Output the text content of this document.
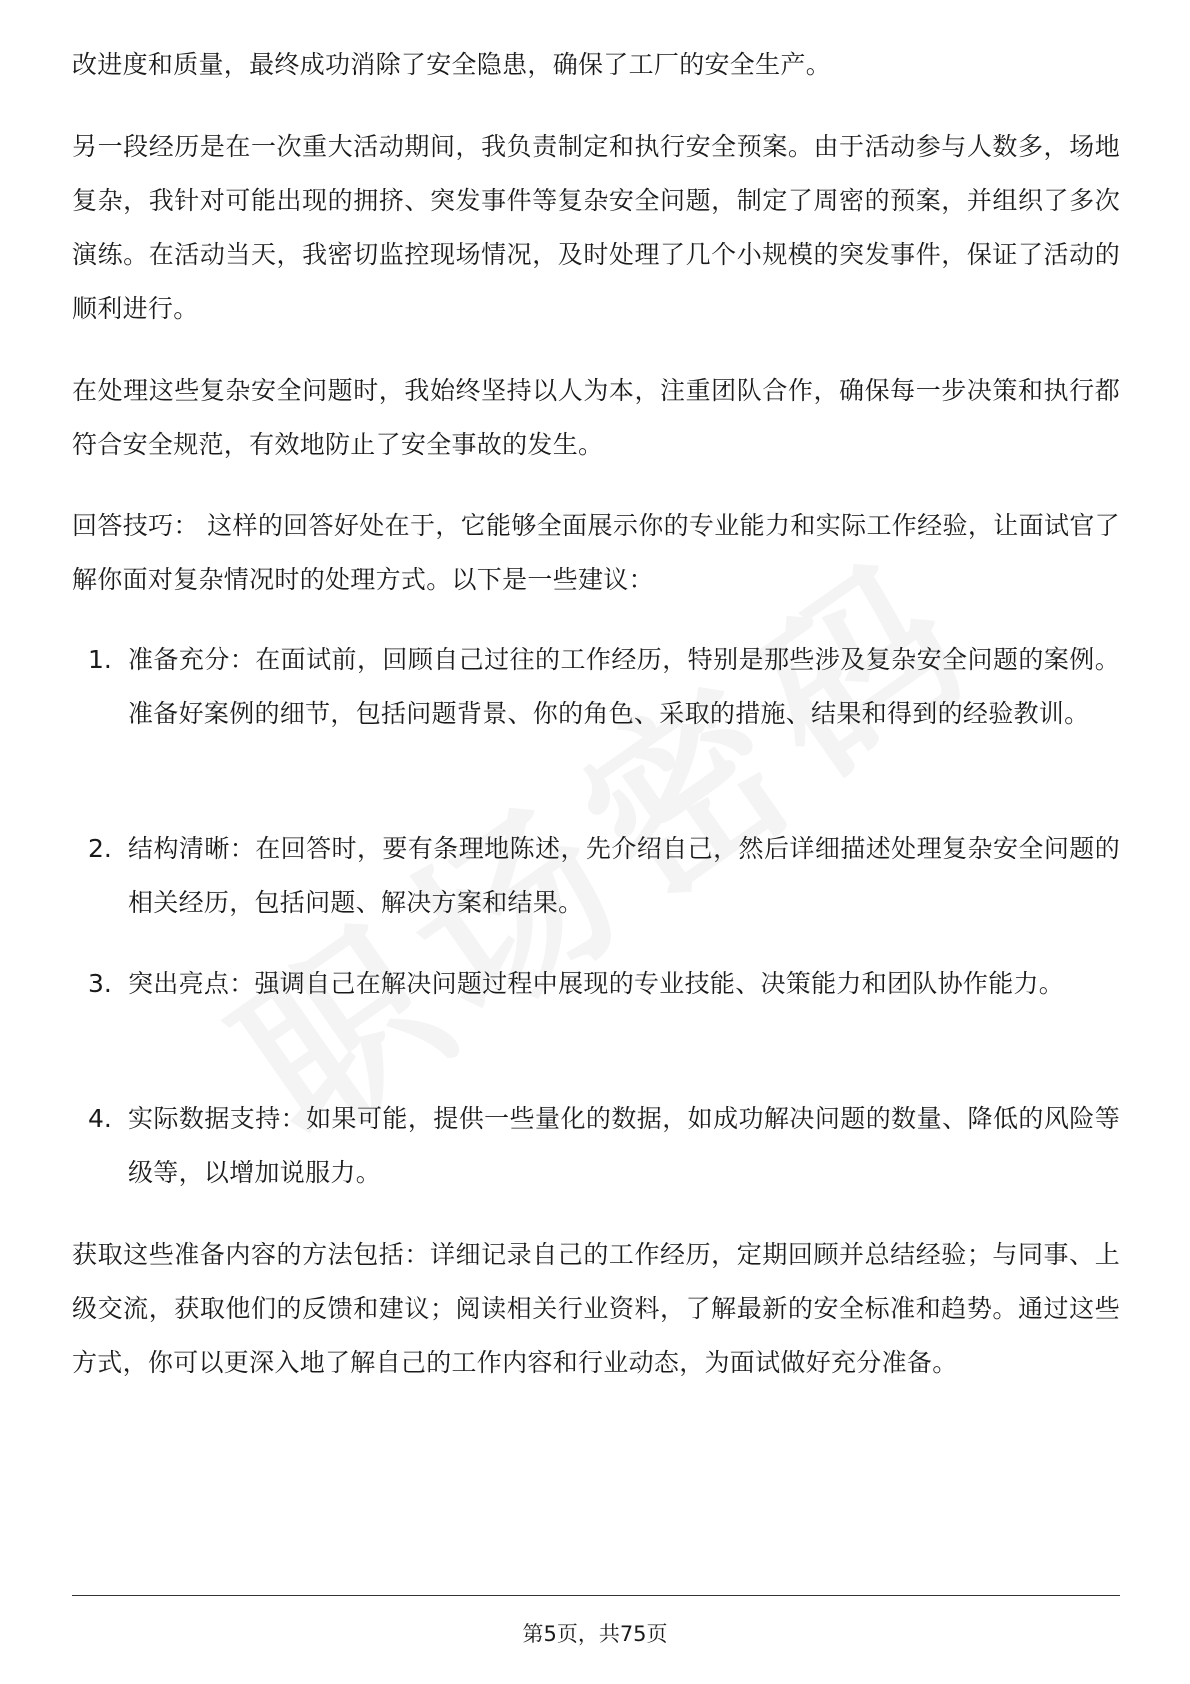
改进度和质量，最终成功消除了安全隐患，确保了工厂的安全生产。

另一段经历是在一次重大活动期间，我负责制定和执行安全预案。由于活动参与人数多，场地复杂，我针对可能出现的拥挤、突发事件等复杂安全问题，制定了周密的预案，并组织了多次演练。在活动当天，我密切监控现场情况，及时处理了几个小规模的突发事件，保证了活动的顺利进行。

在处理这些复杂安全问题时，我始终坚持以人为本，注重团队合作，确保每一步决策和执行都符合安全规范，有效地防止了安全事故的发生。

回答技巧： 这样的回答好处在于，它能够全面展示你的专业能力和实际工作经验，让面试官了解你面对复杂情况时的处理方式。以下是一些建议：

1. 准备充分：在面试前，回顾自己过往的工作经历，特别是那些涉及复杂安全问题的案例。准备好案例的细节，包括问题背景、你的角色、采取的措施、结果和得到的经验教训。
2. 结构清晰：在回答时，要有条理地陈述，先介绍自己，然后详细描述处理复杂安全问题的相关经历，包括问题、解决方案和结果。
3. 突出亮点：强调自己在解决问题过程中展现的专业技能、决策能力和团队协作能力。
4. 实际数据支持：如果可能，提供一些量化的数据，如成功解决问题的数量、降低的风险等级等，以增加说服力。

获取这些准备内容的方法包括：详细记录自己的工作经历，定期回顾并总结经验；与同事、上级交流，获取他们的反馈和建议；阅读相关行业资料，了解最新的安全标准和趋势。通过这些方式，你可以更深入地了解自己的工作内容和行业动态，为面试做好充分准备。

第5页，共75页
